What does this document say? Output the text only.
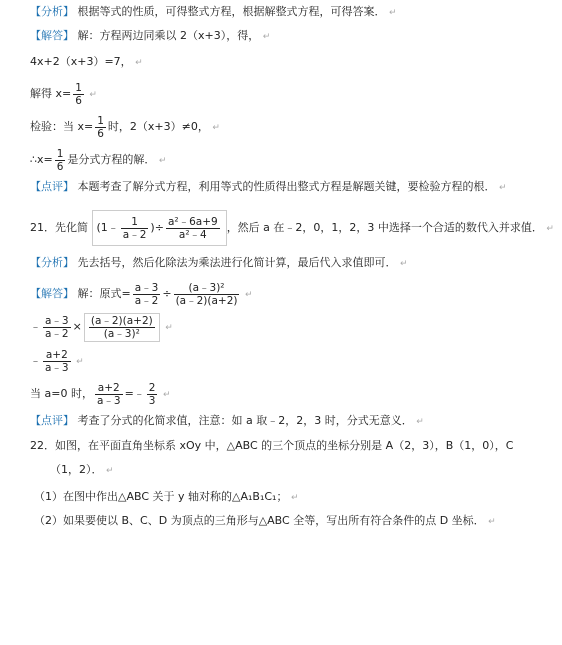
【分析】 根据等式的性质，可得整式方程，根据解整式方程，可得答案． ↵
【解答】 解：方程两边同乘以 2（x+3），得， ↵
4x+2（x+3）=7， ↵
解得 $x= \frac{1}{6}$ ↵
检验：当 $x= \frac{1}{6}$ 时，2（x+3）≠0， ↵
∴x= $\frac{1}{6}$ 是分式方程的解． ↵
【点评】 本题考查了解分式方程，利用等式的性质得出整式方程是解题关键，要检验方程的根． ↵
21．先化简 (1﹣ $\frac{1}{a﹣2}$ )÷ $\frac{\text{a²﹣6a+9}}{\text{a²﹣4}}$ ，然后 a 在﹣2，0，1，2，3 中选择一个合适的数代入并求值． ↵
【分析】 先去括号，然后化除法为乘法进行化简计算，最后代入求值即可． ↵
【解答】 解：原式= $\frac{a﹣3}{a﹣2} \div \frac{\text{(a﹣3)²}}{(a﹣2)(a+2)}$ ↵
﹣ $\frac{a﹣3}{a﹣2} \times \frac{(a﹣2)(a+2)}{\text{(a﹣3)²}}$ ↵
﹣ $\frac{a+2}{a﹣3}$ ↵
当 a=0 时， $\frac{a+2}{a﹣3}$ =﹣ $\frac{2}{3}$ ↵
【点评】 考查了分式的化简求值，注意：如 a 取﹣2，2，3 时，分式无意义． ↵
22．如图，在平面直角坐标系 xOy 中，△ABC 的三个顶点的坐标分别是 A（2，3），B（1，0），C
（1，2）． ↵
（1）在图中作出△ABC 关于 y 轴对称的△A₁B₁C₁； ↵
（2）如果要使以 B、C、D 为顶点的三角形与△ABC 全等，写出所有符合条件的点 D 坐标． ↵
